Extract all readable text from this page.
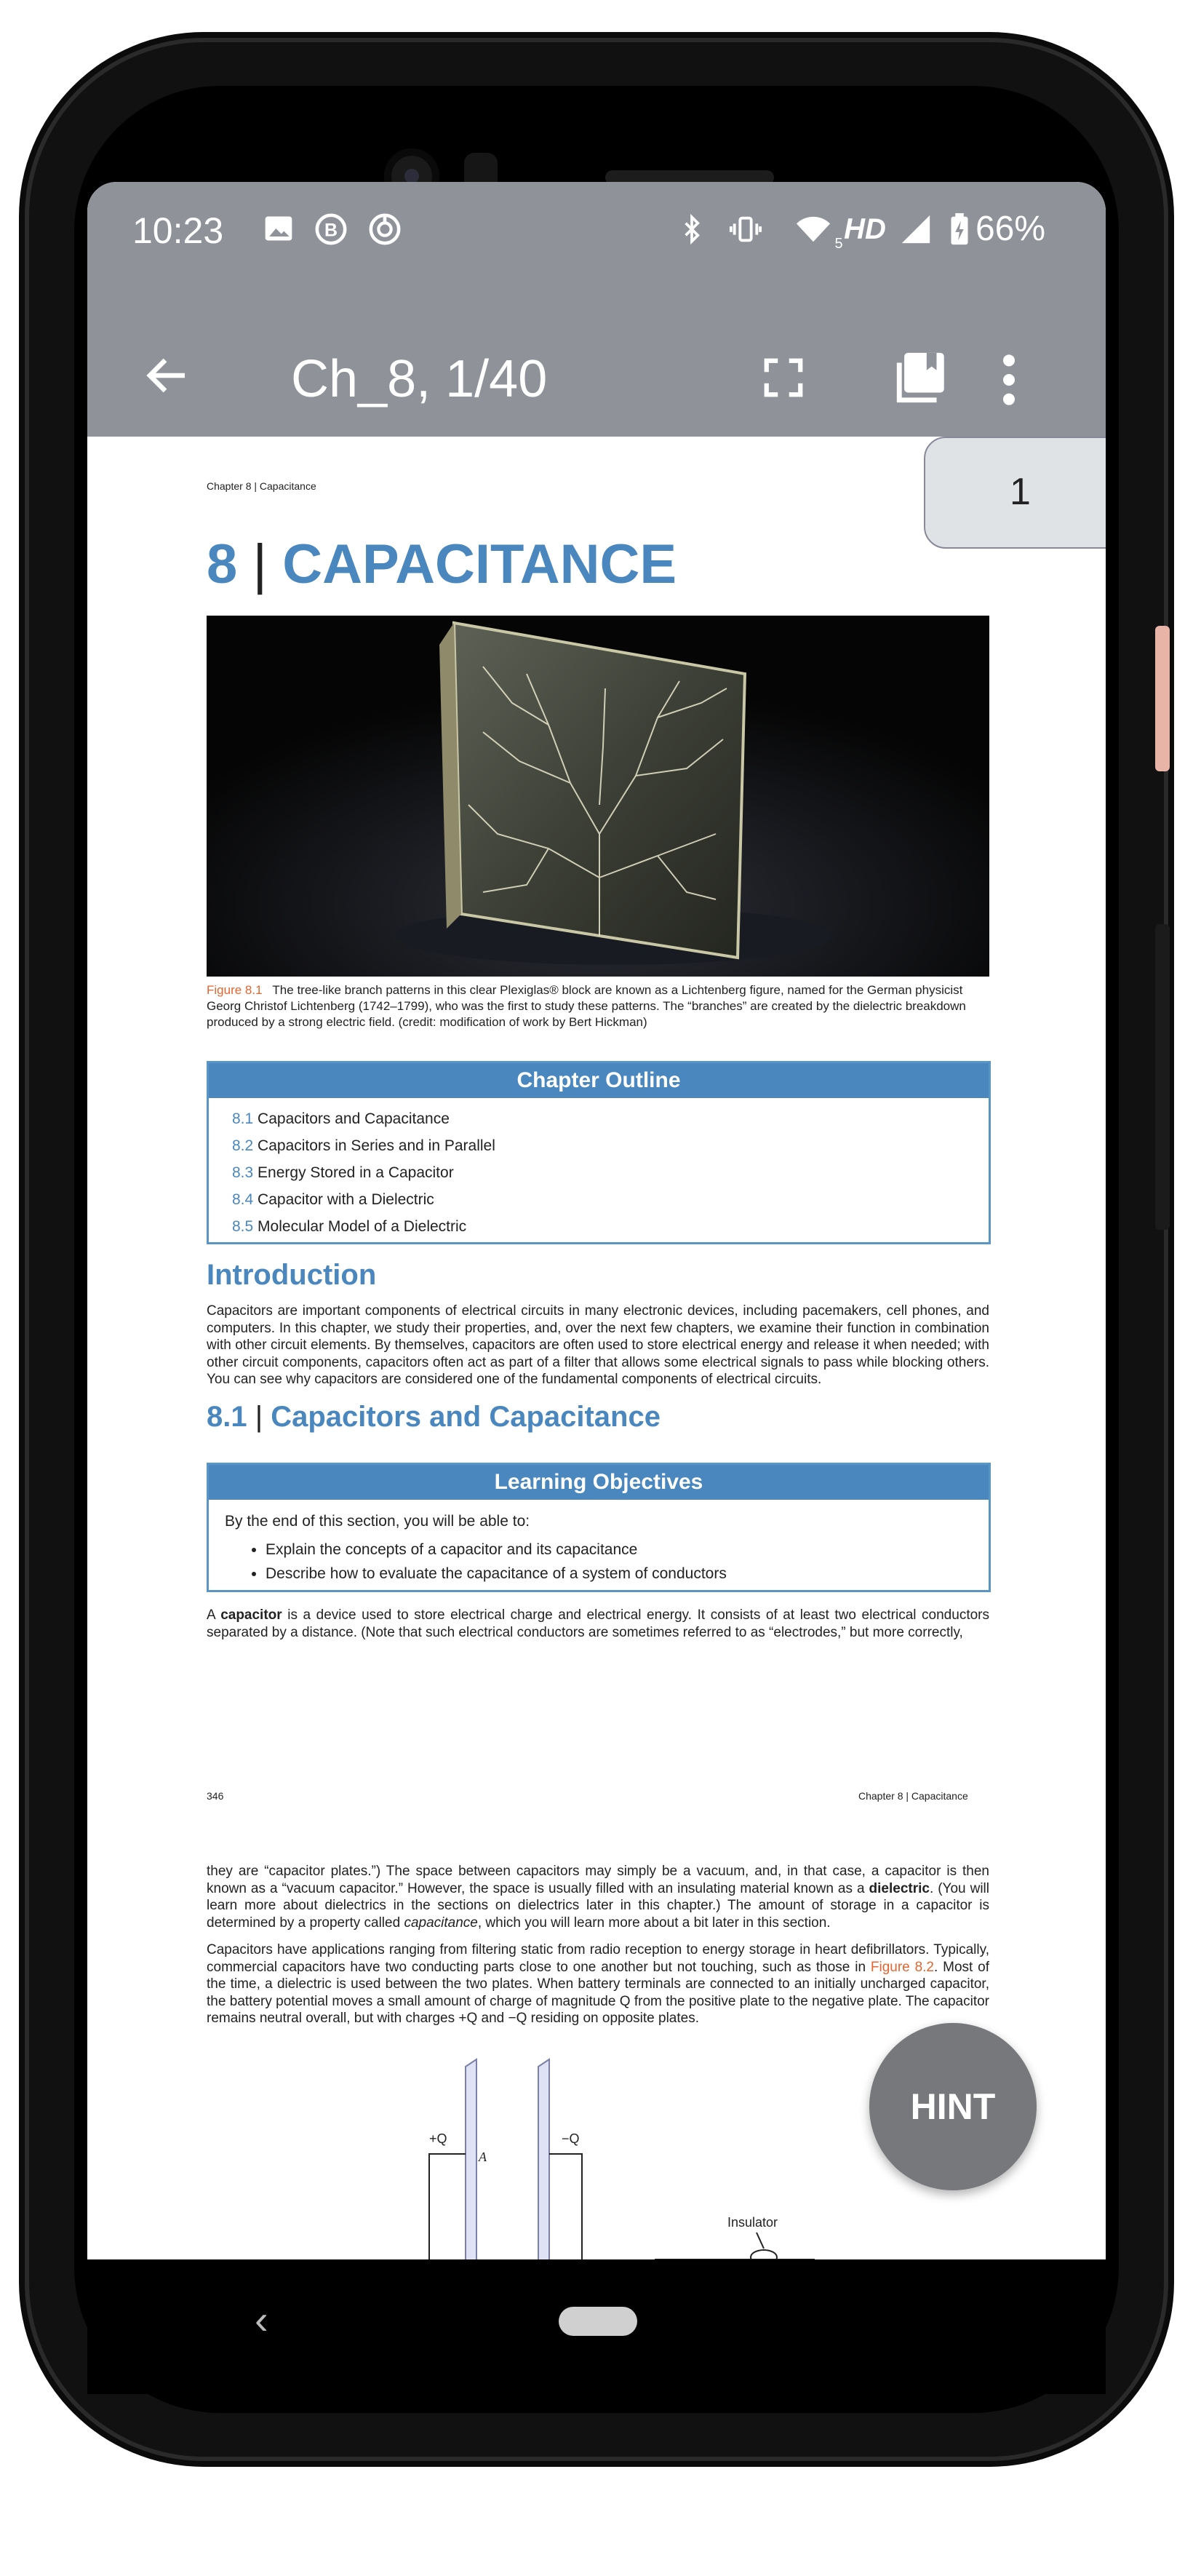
10:23	B
5 HD	66%
Ch_8, 1/40
Chapter 8 | Capacitance	1
8 | CAPACITANCE
Figure 8.1 The tree-like branch patterns in this clear Plexiglas® block are known as a Lichtenberg figure, named for the German physicist Georg Christof Lichtenberg (1742–1799), who was the first to study these patterns. The “branches” are created by the dielectric breakdown produced by a strong electric field. (credit: modification of work by Bert Hickman)
Chapter Outline
8.1 Capacitors and Capacitance
8.2 Capacitors in Series and in Parallel
8.3 Energy Stored in a Capacitor
8.4 Capacitor with a Dielectric
8.5 Molecular Model of a Dielectric
Introduction
Capacitors are important components of electrical circuits in many electronic devices, including pacemakers, cell phones, and computers. In this chapter, we study their properties, and, over the next few chapters, we examine their function in combination with other circuit elements. By themselves, capacitors are often used to store electrical energy and release it when needed; with other circuit components, capacitors often act as part of a filter that allows some electrical signals to pass while blocking others. You can see why capacitors are considered one of the fundamental components of electrical circuits.
8.1 | Capacitors and Capacitance
Learning Objectives
By the end of this section, you will be able to:
• Explain the concepts of a capacitor and its capacitance
• Describe how to evaluate the capacitance of a system of conductors
A capacitor is a device used to store electrical charge and electrical energy. It consists of at least two electrical conductors separated by a distance. (Note that such electrical conductors are sometimes referred to as “electrodes,” but more correctly,
346	Chapter 8 | Capacitance
they are “capacitor plates.”) The space between capacitors may simply be a vacuum, and, in that case, a capacitor is then known as a “vacuum capacitor.” However, the space is usually filled with an insulating material known as a dielectric. (You will learn more about dielectrics in the sections on dielectrics later in this chapter.) The amount of storage in a capacitor is determined by a property called capacitance, which you will learn more about a bit later in this section.
Capacitors have applications ranging from filtering static from radio reception to energy storage in heart defibrillators. Typically, commercial capacitors have two conducting parts close to one another but not touching, such as those in Figure 8.2. Most of the time, a dielectric is used between the two plates. When battery terminals are connected to an initially uncharged capacitor, the battery potential moves a small amount of charge of magnitude Q from the positive plate to the negative plate. The capacitor remains neutral overall, but with charges +Q and −Q residing on opposite plates.
+Q	−Q
A
Insulator
HINT
‹
